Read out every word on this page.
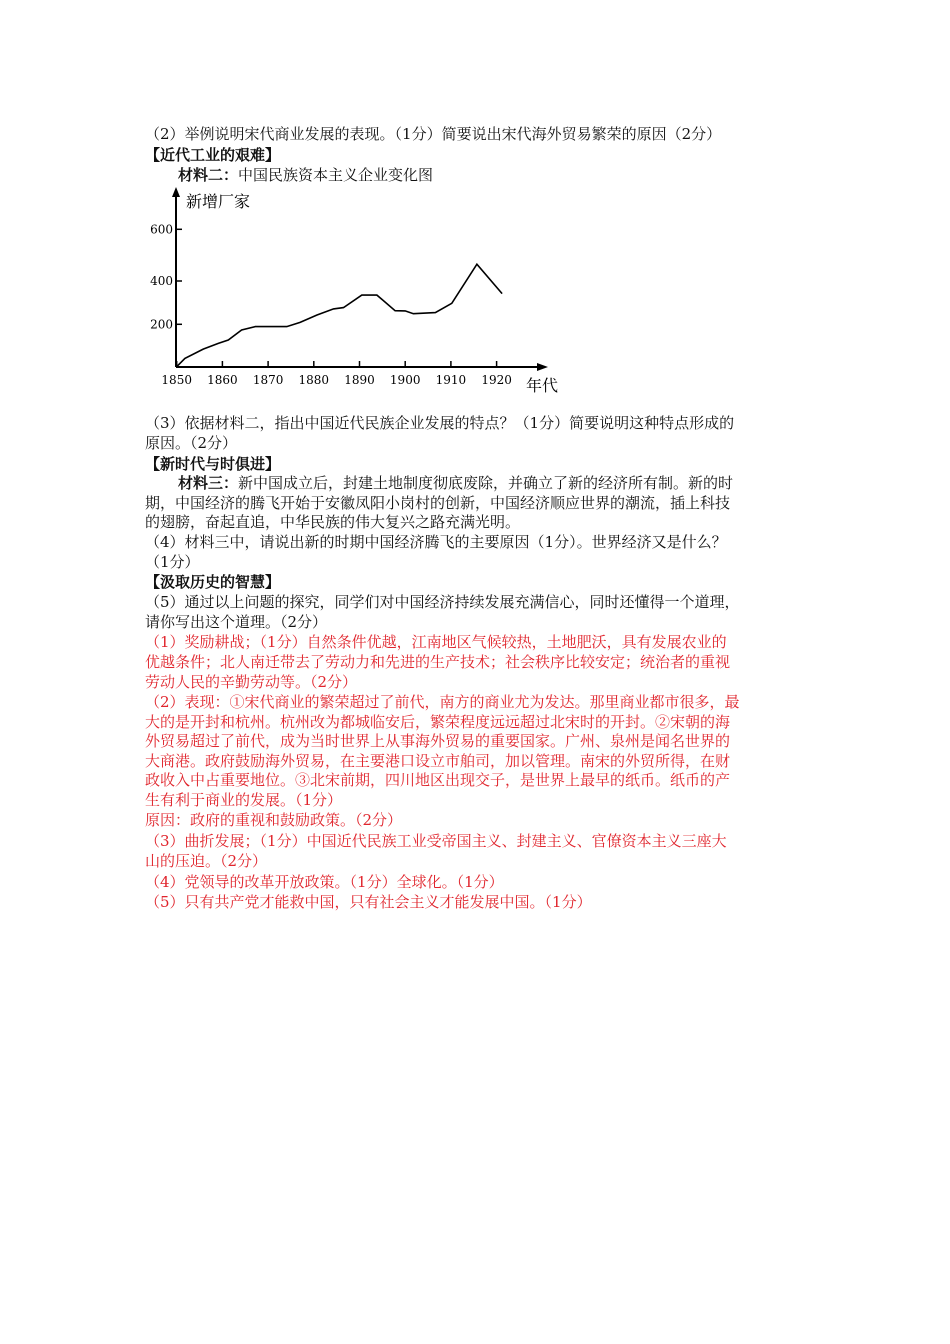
（2）举例说明宋代商业发展的表现。（1分）简要说出宋代海外贸易繁荣的原因（2分）
【近代工业的艰难】
材料二：中国民族资本主义企业变化图
新增厂家
年代
1850 1860 1870 1880 1890 1900 1910 1920
200
400
600
（3）依据材料二，指出中国近代民族企业发展的特点？（1分）简要说明这种特点形成的
原因。（2分）
【新时代与时俱进】
材料三：新中国成立后，封建土地制度彻底废除，并确立了新的经济所有制。新的时
期，中国经济的腾飞开始于安徽凤阳小岗村的创新，中国经济顺应世界的潮流，插上科技
的翅膀，奋起直追，中华民族的伟大复兴之路充满光明。
（4）材料三中，请说出新的时期中国经济腾飞的主要原因（1分）。世界经济又是什么？
（1分）
【汲取历史的智慧】
（5）通过以上问题的探究，同学们对中国经济持续发展充满信心，同时还懂得一个道理，
请你写出这个道理。（2分）
（1）奖励耕战；（1分）自然条件优越，江南地区气候较热，土地肥沃，具有发展农业的
优越条件；北人南迁带去了劳动力和先进的生产技术；社会秩序比较安定；统治者的重视
劳动人民的辛勤劳动等。（2分）
（2）表现：①宋代商业的繁荣超过了前代，南方的商业尤为发达。那里商业都市很多，最
大的是开封和杭州。杭州改为都城临安后，繁荣程度远远超过北宋时的开封。②宋朝的海
外贸易超过了前代，成为当时世界上从事海外贸易的重要国家。广州、泉州是闻名世界的
大商港。政府鼓励海外贸易，在主要港口设立市舶司，加以管理。南宋的外贸所得，在财
政收入中占重要地位。③北宋前期，四川地区出现交子，是世界上最早的纸币。纸币的产
生有利于商业的发展。（1分）
原因：政府的重视和鼓励政策。（2分）
（3）曲折发展；（1分）中国近代民族工业受帝国主义、封建主义、官僚资本主义三座大
山的压迫。（2分）
（4）党领导的改革开放政策。（1分）全球化。（1分）
（5）只有共产党才能救中国，只有社会主义才能发展中国。（1分）
